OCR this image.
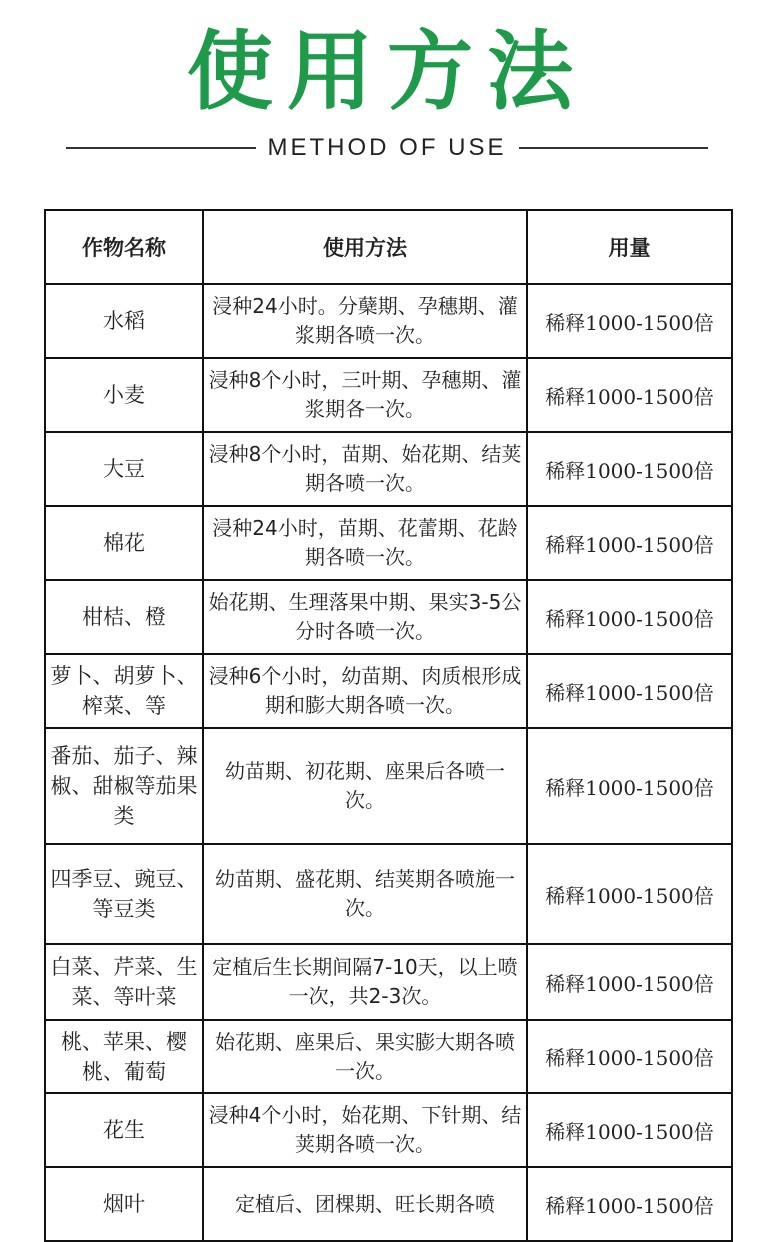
使用方法
METHOD OF USE
作物名称	使用方法	用量
水稻	浸种24小时。分蘖期、孕穗期、灌浆期各喷一次。	稀释1000-1500倍
小麦	浸种8个小时，三叶期、孕穗期、灌浆期各一次。	稀释1000-1500倍
大豆	浸种8个小时，苗期、始花期、结荚期各喷一次。	稀释1000-1500倍
棉花	浸种24小时，苗期、花蕾期、花龄期各喷一次。	稀释1000-1500倍
柑桔、橙	始花期、生理落果中期、果实3-5公分时各喷一次。	稀释1000-1500倍
萝卜、胡萝卜、榨菜、等	浸种6个小时，幼苗期、肉质根形成期和膨大期各喷一次。	稀释1000-1500倍
番茄、茄子、辣椒、甜椒等茄果类	幼苗期、初花期、座果后各喷一次。	稀释1000-1500倍
四季豆、豌豆、等豆类	幼苗期、盛花期、结荚期各喷施一次。	稀释1000-1500倍
白菜、芹菜、生菜、等叶菜	定植后生长期间隔7-10天，以上喷一次，共2-3次。	稀释1000-1500倍
桃、苹果、樱桃、葡萄	始花期、座果后、果实膨大期各喷一次。	稀释1000-1500倍
花生	浸种4个小时，始花期、下针期、结荚期各喷一次。	稀释1000-1500倍
烟叶	定植后、团棵期、旺长期各喷	稀释1000-1500倍
